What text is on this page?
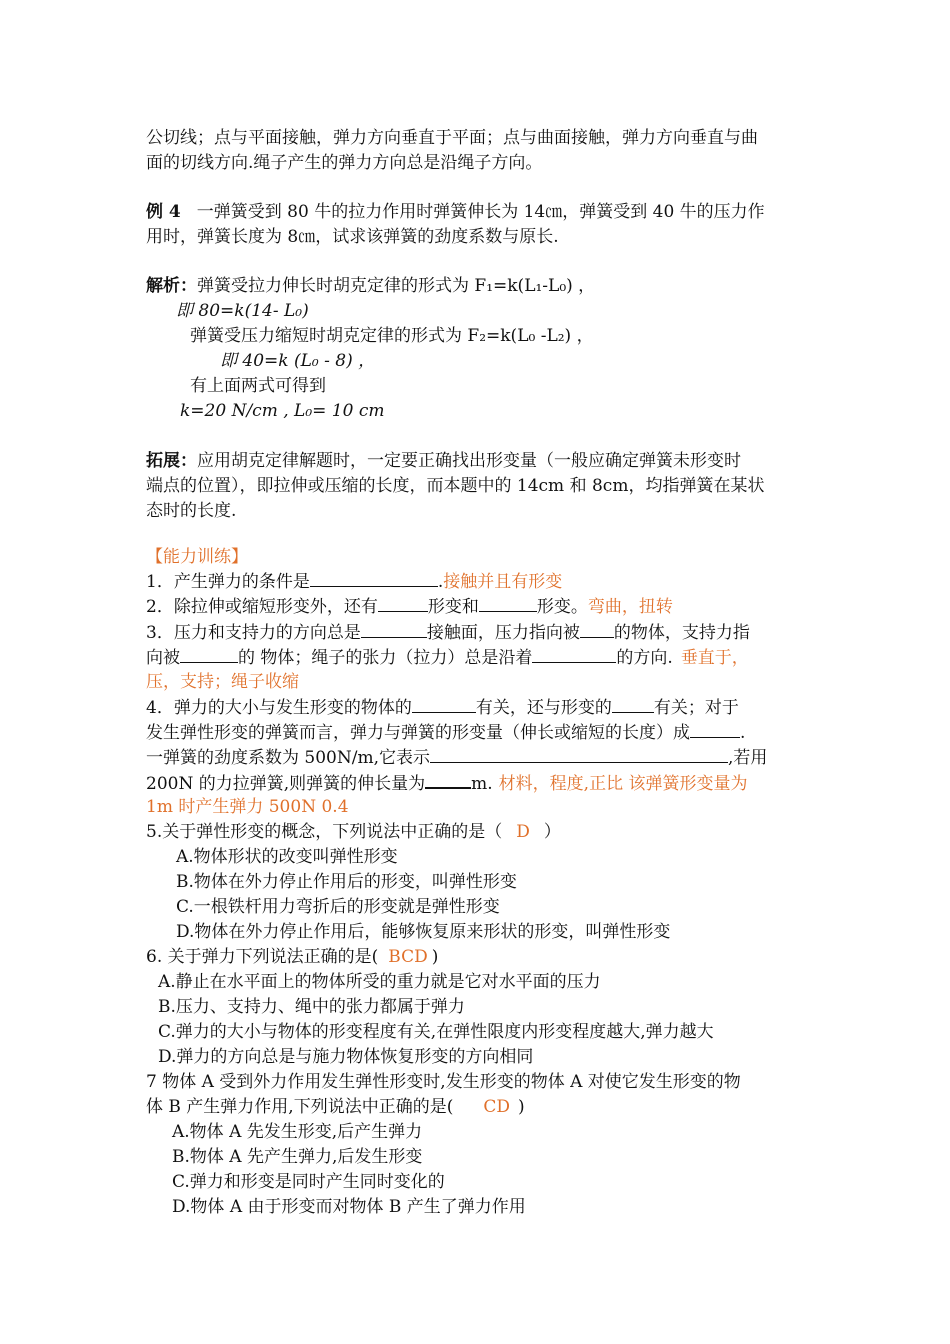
公切线；点与平面接触，弹力方向垂直于平面；点与曲面接触，弹力方向垂直与曲
面的切线方向.绳子产生的弹力方向总是沿绳子方向。
例 4 一弹簧受到 80 牛的拉力作用时弹簧伸长为 14㎝，弹簧受到 40 牛的压力作
用时，弹簧长度为 8㎝，试求该弹簧的劲度系数与原长.
解析：弹簧受拉力伸长时胡克定律的形式为 F₁=k(L₁-L₀) ，
即 80=k(14- L₀)
弹簧受压力缩短时胡克定律的形式为 F₂=k(L₀ -L₂) ，
即 40=k (L₀ - 8) ，
有上面两式可得到
k=20 N/cm , L₀= 10 cm
拓展：应用胡克定律解题时，一定要正确找出形变量（一般应确定弹簧未形变时
端点的位置），即拉伸或压缩的长度，而本题中的 14cm 和 8cm，均指弹簧在某状
态时的长度.
【能力训练】
1．产生弹力的条件是	.接触并且有形变
2．除拉伸或缩短形变外，还有	形变和	形变。弯曲，扭转
3．压力和支持力的方向总是	接触面，压力指向被 的物体，支持力指
向被	的 物体；绳子的张力（拉力）总是沿着	的方向. 垂直于，
压，支持；绳子收缩
4．弹力的大小与发生形变的物体的	有关，还与形变的 有关；对于
发生弹性形变的弹簧而言，弹力与弹簧的形变量（伸长或缩短的长度）成	.
一弹簧的劲度系数为 500N/m,它表示	,若用
200N 的力拉弹簧,则弹簧的伸长量为	m. 材料，程度,正比 该弹簧形变量为
1m 时产生弹力 500N 0.4
5.关于弹性形变的概念，下列说法中正确的是（ D ）
A.物体形状的改变叫弹性形变
B.物体在外力停止作用后的形变，叫弹性形变
C.一根铁杆用力弯折后的形变就是弹性形变
D.物体在外力停止作用后，能够恢复原来形状的形变，叫弹性形变
6. 关于弹力下列说法正确的是( BCD )
A.静止在水平面上的物体所受的重力就是它对水平面的压力
B.压力、支持力、绳中的张力都属于弹力
C.弹力的大小与物体的形变程度有关,在弹性限度内形变程度越大,弹力越大
D.弹力的方向总是与施力物体恢复形变的方向相同
7 物体 A 受到外力作用发生弹性形变时,发生形变的物体 A 对使它发生形变的物
体 B 产生弹力作用,下列说法中正确的是( CD )
A.物体 A 先发生形变,后产生弹力
B.物体 A 先产生弹力,后发生形变
C.弹力和形变是同时产生同时变化的
D.物体 A 由于形变而对物体 B 产生了弹力作用
